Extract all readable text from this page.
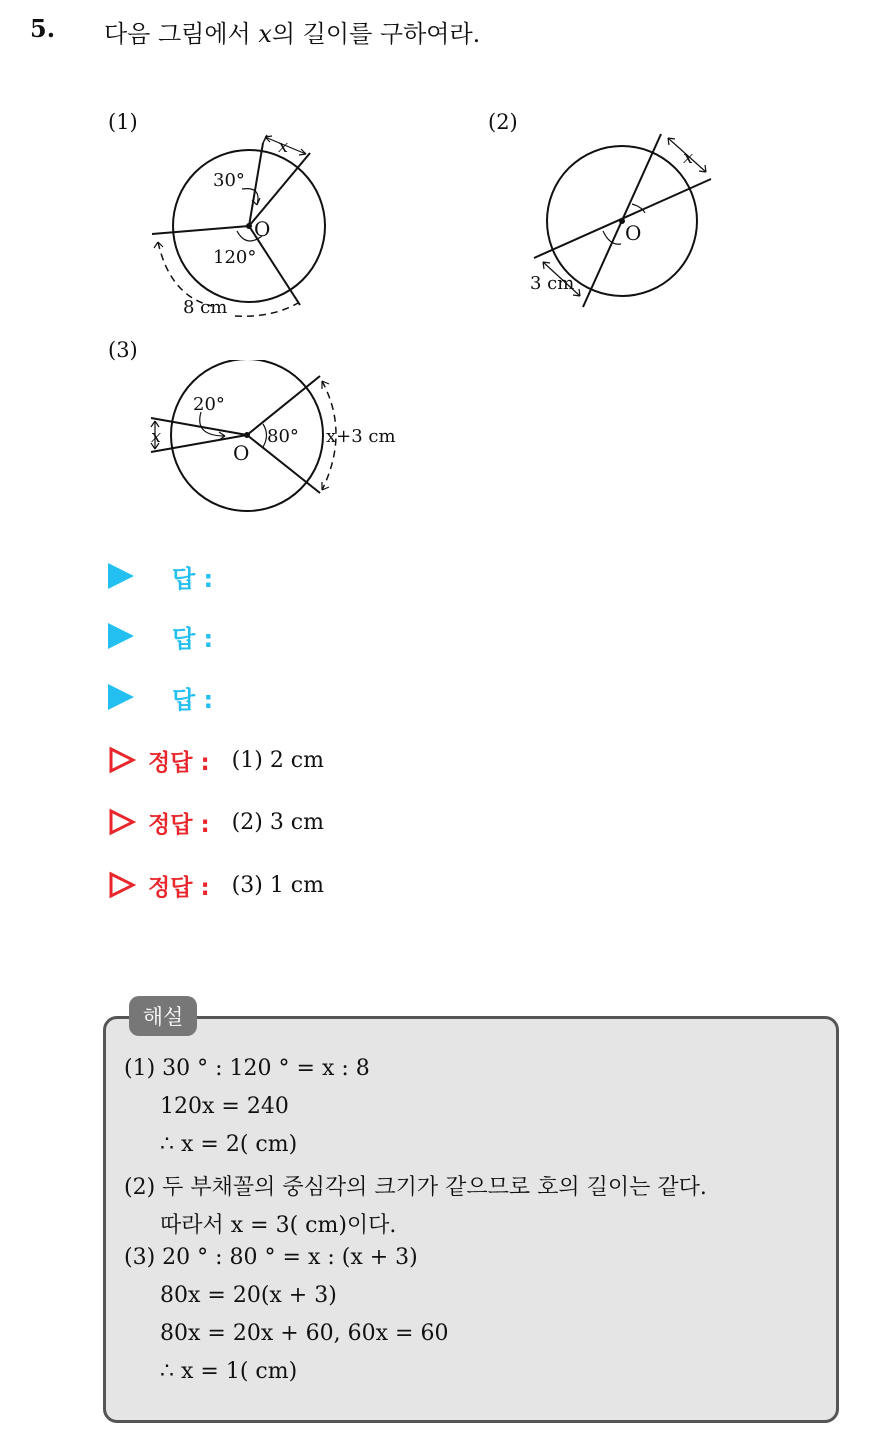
5. 다음 그림에서 x의 길이를 구하여라.
(1)	(2)
(3)
O
30°
120°
x
8 cm
O
x
3 cm
O
20°
80°
x	x+3 cm
답 :
답 :
답 :
정답 : (1) 2 cm
정답 : (2) 3 cm
정답 : (3) 1 cm
해설
(1) 30 ° : 120 ° = x : 8
120x = 240
∴ x = 2( cm)
(2) 두 부채꼴의 중심각의 크기가 같으므로 호의 길이는 같다.
따라서 x = 3( cm)이다.
(3) 20 ° : 80 ° = x : (x + 3)
80x = 20(x + 3)
80x = 20x + 60, 60x = 60
∴ x = 1( cm)
